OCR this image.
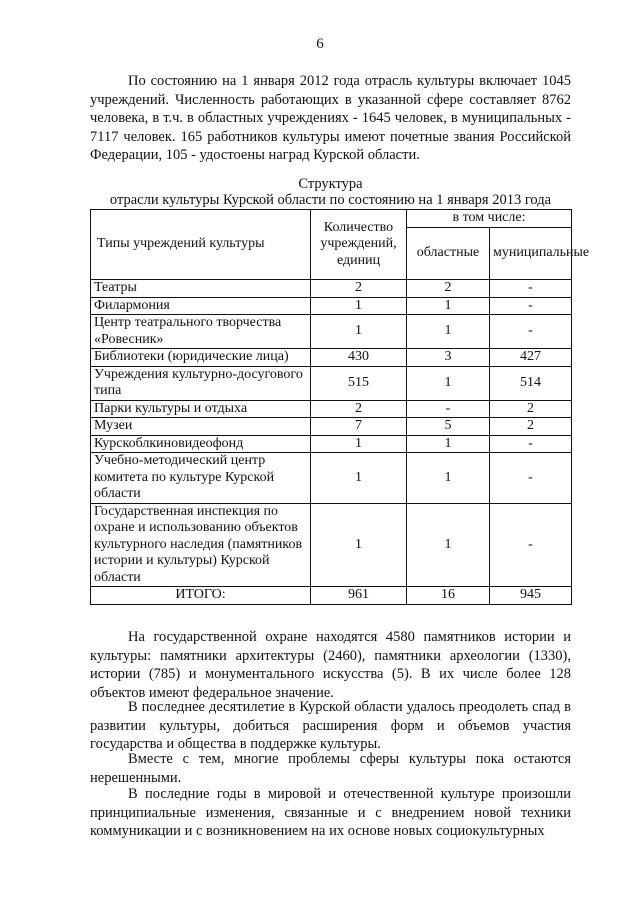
6

По состоянию на 1 января 2012 года отрасль культуры включает 1045 учреждений. Численность работающих в указанной сфере составляет 8762 человека, в т.ч. в областных учреждениях - 1645 человек, в муниципальных - 7117 человек. 165 работников культуры имеют почетные звания Российской Федерации, 105 - удостоены наград Курской области.

Структура
отрасли культуры Курской области по состоянию на 1 января 2013 года
Типы учреждений культуры	Количество учреждений, единиц	в том числе:	
		областные	муниципальные
Театры	2	2	-
Филармония	1	1	-
Центр театрального творчества «Ровесник»	1	1	-
Библиотеки (юридические лица)	430	3	427
Учреждения культурно-досугового типа	515	1	514
Парки культуры и отдыха	2	-	2
Музеи	7	5	2
Курскоблкиновидеофонд	1	1	-
Учебно-методический центр комитета по культуре Курской области	1	1	-
Государственная инспекция по охране и использованию объектов культурного наследия (памятников истории и культуры) Курской области	1	1	-
ИТОГО:	961	16	945

На государственной охране находятся 4580 памятников истории и культуры: памятники архитектуры (2460), памятники археологии (1330), истории (785) и монументального искусства (5). В их числе более 128 объектов имеют федеральное значение.

В последнее десятилетие в Курской области удалось преодолеть спад в развитии культуры, добиться расширения форм и объемов участия государства и общества в поддержке культуры.

Вместе с тем, многие проблемы сферы культуры пока остаются нерешенными.

В последние годы в мировой и отечественной культуре произошли принципиальные изменения, связанные и с внедрением новой техники коммуникации и с возникновением на их основе новых социокультурных
